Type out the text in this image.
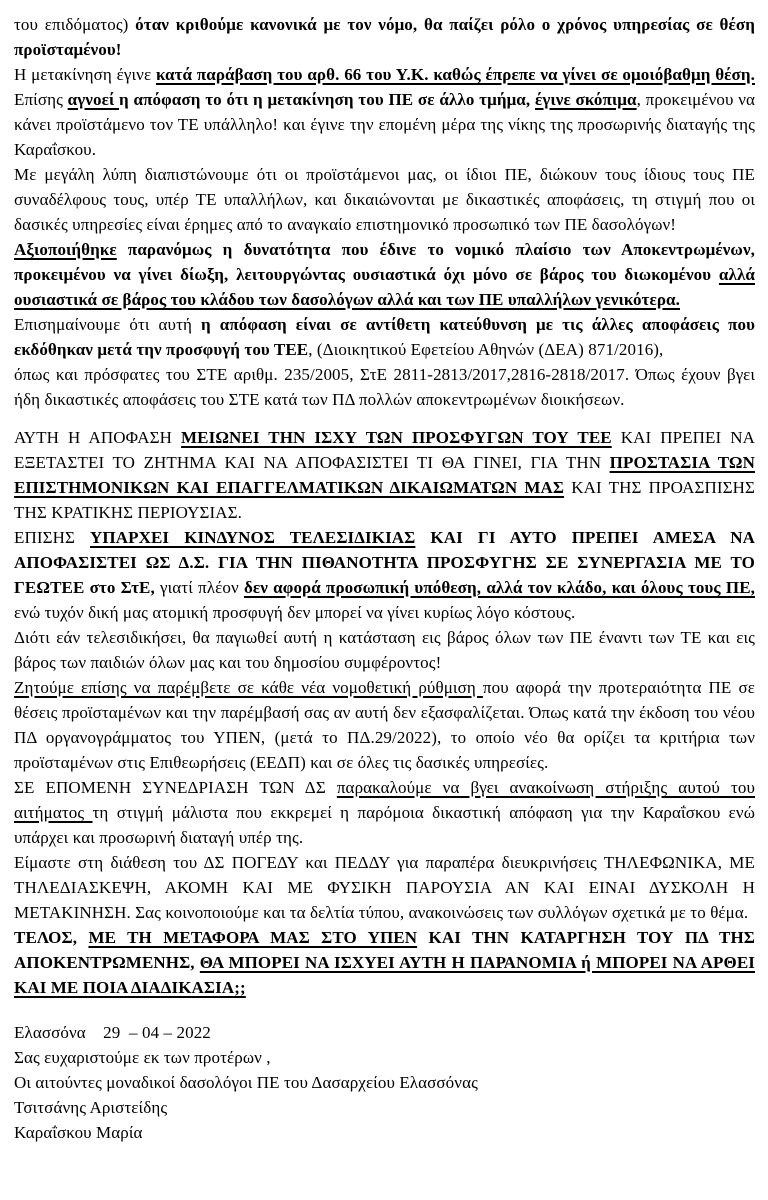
του επιδόματος) όταν κριθούμε κανονικά με τον νόμο, θα παίζει ρόλο ο χρόνος υπηρεσίας σε θέση προϊσταμένου!

Η μετακίνηση έγινε κατά παράβαση του αρθ. 66 του Υ.Κ. καθώς έπρεπε να γίνει σε ομοιόβαθμη θέση. Επίσης αγνοεί η απόφαση το ότι η μετακίνηση του ΠΕ σε άλλο τμήμα, έγινε σκόπιμα, προκειμένου να κάνει προϊστάμενο τον ΤΕ υπάλληλο! και έγινε την επομένη μέρα της νίκης της προσωρινής διαταγής της Καραΐσκου.

Με μεγάλη λύπη διαπιστώνουμε ότι οι προϊστάμενοι μας, οι ίδιοι ΠΕ, διώκουν τους ίδιους τους ΠΕ συναδέλφους τους, υπέρ ΤΕ υπαλλήλων, και δικαιώνονται με δικαστικές αποφάσεις, τη στιγμή που οι δασικές υπηρεσίες είναι έρημες από το αναγκαίο επιστημονικό προσωπικό των ΠΕ δασολόγων!

Αξιοποιήθηκε παρανόμως η δυνατότητα που έδινε το νομικό πλαίσιο των Αποκεντρωμένων, προκειμένου να γίνει δίωξη, λειτουργώντας ουσιαστικά όχι μόνο σε βάρος του διωκομένου αλλά ουσιαστικά σε βάρος του κλάδου των δασολόγων αλλά και των ΠΕ υπαλλήλων γενικότερα.

Επισημαίνουμε ότι αυτή η απόφαση είναι σε αντίθετη κατεύθυνση με τις άλλες αποφάσεις που εκδόθηκαν μετά την προσφυγή του ΤΕΕ, (Διοικητικού Εφετείου Αθηνών (ΔΕΑ) 871/2016),
όπως και πρόσφατες του ΣΤΕ αριθμ. 235/2005, ΣτΕ 2811-2813/2017,2816-2818/2017. Όπως έχουν βγει ήδη δικαστικές αποφάσεις του ΣΤΕ κατά των ΠΔ πολλών αποκεντρωμένων διοικήσεων.

ΑΥΤΗ Η ΑΠΟΦΑΣΗ ΜΕΙΩΝΕΙ ΤΗΝ ΙΣΧΥ ΤΩΝ ΠΡΟΣΦΥΓΩΝ ΤΟΥ ΤΕΕ ΚΑΙ ΠΡΕΠΕΙ ΝΑ ΕΞΕΤΑΣΤΕΙ ΤΟ ΖΗΤΗΜΑ ΚΑΙ ΝΑ ΑΠΟΦΑΣΙΣΤΕΙ ΤΙ ΘΑ ΓΙΝΕΙ, ΓΙΑ ΤΗΝ ΠΡΟΣΤΑΣΙΑ ΤΩΝ ΕΠΙΣΤΗΜΟΝΙΚΩΝ ΚΑΙ ΕΠΑΓΓΕΛΜΑΤΙΚΩΝ ΔΙΚΑΙΩΜΑΤΩΝ ΜΑΣ ΚΑΙ ΤΗΣ ΠΡΟΑΣΠΙΣΗΣ ΤΗΣ ΚΡΑΤΙΚΗΣ ΠΕΡΙΟΥΣΙΑΣ.

ΕΠΙΣΗΣ ΥΠΑΡΧΕΙ ΚΙΝΔΥΝΟΣ ΤΕΛΕΣΙΔΙΚΙΑΣ ΚΑΙ ΓΙ ΑΥΤΟ ΠΡΕΠΕΙ ΑΜΕΣΑ ΝΑ ΑΠΟΦΑΣΙΣΤΕΙ ΩΣ Δ.Σ. ΓΙΑ ΤΗΝ ΠΙΘΑΝΟΤΗΤΑ ΠΡΟΣΦΥΓΗΣ ΣΕ ΣΥΝΕΡΓΑΣΙΑ ΜΕ ΤΟ ΓΕΩΤΕΕ στο ΣτΕ, γιατί πλέον δεν αφορά προσωπική υπόθεση, αλλά τον κλάδο, και όλους τους ΠΕ, ενώ τυχόν δική μας ατομική προσφυγή δεν μπορεί να γίνει κυρίως λόγο κόστους.

Διότι εάν τελεσιδικήσει, θα παγιωθεί αυτή η κατάσταση εις βάρος όλων των ΠΕ έναντι των ΤΕ και εις βάρος των παιδιών όλων μας και του δημοσίου συμφέροντος!

Ζητούμε επίσης να παρέμβετε σε κάθε νέα νομοθετική ρύθμιση που αφορά την προτεραιότητα ΠΕ σε θέσεις προϊσταμένων και την παρέμβασή σας αν αυτή δεν εξασφαλίζεται. Όπως κατά την έκδοση του νέου ΠΔ οργανογράμματος του ΥΠΕΝ, (μετά το ΠΔ.29/2022), το οποίο νέο θα ορίζει τα κριτήρια των προϊσταμένων στις Επιθεωρήσεις (ΕΕΔΠ) και σε όλες τις δασικές υπηρεσίες.

ΣΕ ΕΠΟΜΕΝΗ ΣΥΝΕΔΡΙΑΣΗ ΤΩΝ ΔΣ παρακαλούμε να βγει ανακοίνωση στήριξης αυτού του αιτήματος τη στιγμή μάλιστα που εκκρεμεί η παρόμοια δικαστική απόφαση για την Καραΐσκου ενώ υπάρχει και προσωρινή διαταγή υπέρ της.

Είμαστε στη διάθεση του ΔΣ ΠΟΓΕΔΥ και ΠΕΔΔΥ για παραπέρα διευκρινήσεις ΤΗΛΕΦΩΝΙΚΑ, ΜΕ ΤΗΛΕΔΙΑΣΚΕΨΗ, ΑΚΟΜΗ ΚΑΙ ΜΕ ΦΥΣΙΚΗ ΠΑΡΟΥΣΙΑ ΑΝ ΚΑΙ ΕΙΝΑΙ ΔΥΣΚΟΛΗ Η ΜΕΤΑΚΙΝΗΣΗ. Σας κοινοποιούμε και τα δελτία τύπου, ανακοινώσεις των συλλόγων σχετικά με το θέμα.

ΤΕΛΟΣ, ΜΕ ΤΗ ΜΕΤΑΦΟΡΑ ΜΑΣ ΣΤΟ ΥΠΕΝ ΚΑΙ ΤΗΝ ΚΑΤΑΡΓΗΣΗ ΤΟΥ ΠΔ ΤΗΣ ΑΠΟΚΕΝΤΡΩΜΕΝΗΣ, ΘΑ ΜΠΟΡΕΙ ΝΑ ΙΣΧΥΕΙ ΑΥΤΗ Η ΠΑΡΑΝΟΜΙΑ ή ΜΠΟΡΕΙ ΝΑ ΑΡΘΕΙ ΚΑΙ ΜΕ ΠΟΙΑ ΔΙΑΔΙΚΑΣΙΑ;;

Ελασσόνα    29  – 04 – 2022

Σας ευχαριστούμε εκ των προτέρων ,

Οι αιτούντες μοναδικοί δασολόγοι ΠΕ του Δασαρχείου Ελασσόνας

Τσιτσάνης Αριστείδης

Καραΐσκου Μαρία
